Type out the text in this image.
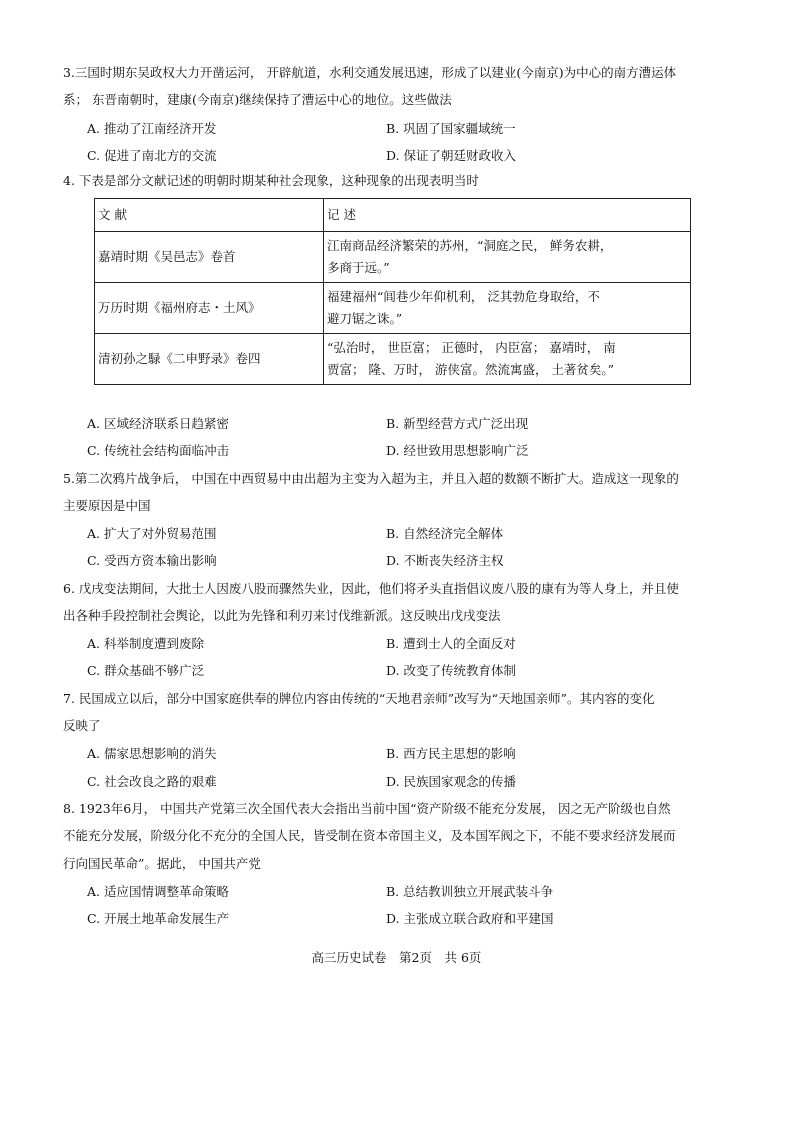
3.三国时期东吴政权大力开凿运河， 开辟航道，水利交通发展迅速，形成了以建业(今南京)为中心的南方漕运体
系； 东晋南朝时，建康(今南京)继续保持了漕运中心的地位。这些做法
A. 推动了江南经济开发	B. 巩固了国家疆域统一
C. 促进了南北方的交流	D. 保证了朝廷财政收入
4. 下表是部分文献记述的明朝时期某种社会现象，这种现象的出现表明当时
文 献	记 述
嘉靖时期《吴邑志》卷首	江南商品经济繁荣的苏州，“洞庭之民， 鲜务农耕，
多商于远。”

万历时期《福州府志・土风》	福建福州“闾巷少年仰机利， 泛其勃危身取给，不
避刀锯之诛。”

清初孙之騄《二申野录》卷四	“弘治时， 世臣富； 正德时， 内臣富； 嘉靖时， 南
贾富； 隆、万时， 游侠富。然流寓盛， 土著贫矣。”
A. 区域经济联系日趋紧密	B. 新型经营方式广泛出现
C. 传统社会结构面临冲击	D. 经世致用思想影响广泛
5.第二次鸦片战争后， 中国在中西贸易中由出超为主变为入超为主，并且入超的数额不断扩大。造成这一现象的
主要原因是中国
A. 扩大了对外贸易范围	B. 自然经济完全解体
C. 受西方资本输出影响	D. 不断丧失经济主权
6. 戊戌变法期间，大批士人因废八股而骤然失业，因此，他们将矛头直指倡议废八股的康有为等人身上，并且使
出各种手段控制社会舆论，以此为先锋和利刃来讨伐维新派。这反映出戊戌变法
A. 科举制度遭到废除	B. 遭到士人的全面反对
C. 群众基础不够广泛	D. 改变了传统教育体制
7. 民国成立以后，部分中国家庭供奉的牌位内容由传统的“天地君亲师”改写为“天地国亲师”。其内容的变化
反映了
A. 儒家思想影响的消失	B. 西方民主思想的影响
C. 社会改良之路的艰难	D. 民族国家观念的传播
8. 1923年6月， 中国共产党第三次全国代表大会指出当前中国“资产阶级不能充分发展， 因之无产阶级也自然
不能充分发展，阶级分化不充分的全国人民，皆受制在资本帝国主义，及本国军阀之下，不能不要求经济发展而
行向国民革命”。据此， 中国共产党
A. 适应国情调整革命策略	B. 总结教训独立开展武装斗争
C. 开展土地革命发展生产	D. 主张成立联合政府和平建国
高三历史试卷　第2页　共 6页
